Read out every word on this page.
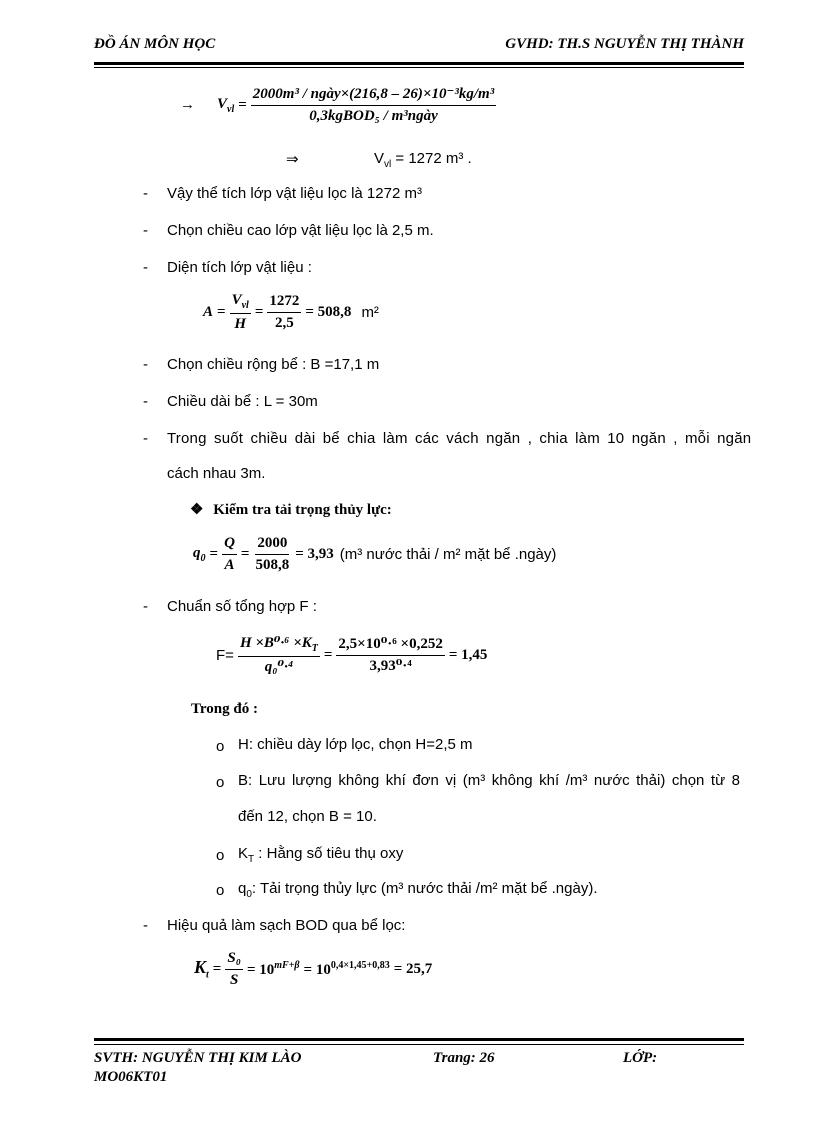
ĐỒ ÁN MÔN HỌC	GVHD: TH.S NGUYỄN THỊ THÀNH
→ $V_{vl} = \frac{\text{2000m³ / ngày×(216,8 – 26)×10⁻³kg/m³}}{\text{0,3kgBOD₅ / m³ngày}}$
⇒	$V_{vl} = 1272$ m³ .
- Vậy thể tích lớp vật liệu lọc là 1272 m³
- Chọn chiều cao lớp vật liệu lọc là 2,5 m.
- Diện tích lớp vật liệu :
$A = \frac{V_{vl}}{H} = \frac{1272}{2,5} = 508,8$ m²
- Chọn chiều rộng bể : B =17,1 m
- Chiều dài bể : L = 30m
- Trong suốt chiều dài bể chia làm các vách ngăn , chia làm 10 ngăn , mỗi ngăn
cách nhau 3m.
❖ Kiểm tra tải trọng thủy lực:
$q_0 = \frac{Q}{A} = \frac{2000}{508,8} = 3,93$ (m³ nước thải / m² mặt bể .ngày)
- Chuẩn số tổng hợp F :
$F= \frac{H \times B^0\cdot^6 \times K_T}{\text{q₀⁰·⁴}} = \frac{\text{2,5×10⁰·⁶ ×0,252}}{\text{3,93⁰·⁴}} = 1,45$
Trong đó :
o H: chiều dày lớp lọc, chọn H=2,5 m
o B: Lưu lượng không khí đơn vị (m³ không khí /m³ nước thải) chọn từ 8
đến 12, chọn B = 10.
o $K_T$ : Hằng số tiêu thụ oxy
o $q_0$: Tải trọng thủy lực (m³ nước thải /m² mặt bể .ngày).
- Hiệu quả làm sạch BOD qua bể lọc:
$K_t = \frac{\text{S₀}}{S} = 10^{mF+\beta} = 10^{0,4\times 1,45+0,83} = 25,7$
SVTH: NGUYỄN THỊ KIM LÀO
MO06KT01
Trang: 26	LỚP:
